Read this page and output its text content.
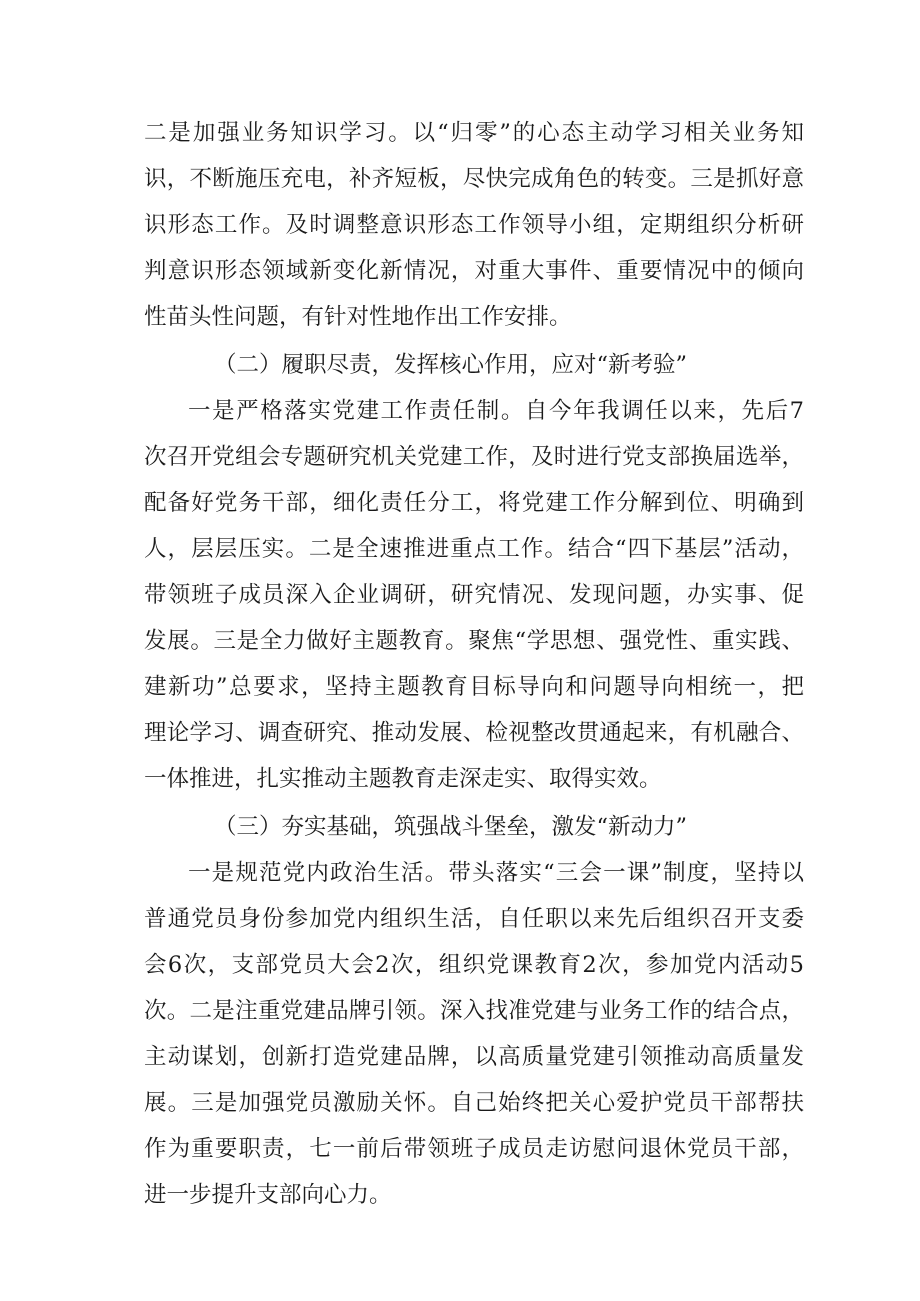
二是加强业务知识学习。以“归零”的心态主动学习相关业务知
识，不断施压充电，补齐短板，尽快完成角色的转变。三是抓好意
识形态工作。及时调整意识形态工作领导小组，定期组织分析研
判意识形态领域新变化新情况，对重大事件、重要情况中的倾向
性苗头性问题，有针对性地作出工作安排。
（二）履职尽责，发挥核心作用，应对“新考验”
一是严格落实党建工作责任制。自今年我调任以来，先后7
次召开党组会专题研究机关党建工作，及时进行党支部换届选举，
配备好党务干部，细化责任分工，将党建工作分解到位、明确到
人，层层压实。二是全速推进重点工作。结合“四下基层”活动，
带领班子成员深入企业调研，研究情况、发现问题，办实事、促
发展。三是全力做好主题教育。聚焦“学思想、强党性、重实践、
建新功”总要求，坚持主题教育目标导向和问题导向相统一，把
理论学习、调查研究、推动发展、检视整改贯通起来，有机融合、
一体推进，扎实推动主题教育走深走实、取得实效。
（三）夯实基础，筑强战斗堡垒，激发“新动力”
一是规范党内政治生活。带头落实“三会一课”制度，坚持以
普通党员身份参加党内组织生活，自任职以来先后组织召开支委
会6次，支部党员大会2次，组织党课教育2次，参加党内活动5
次。二是注重党建品牌引领。深入找准党建与业务工作的结合点，
主动谋划，创新打造党建品牌，以高质量党建引领推动高质量发
展。三是加强党员激励关怀。自己始终把关心爱护党员干部帮扶
作为重要职责，七一前后带领班子成员走访慰问退休党员干部，
进一步提升支部向心力。
